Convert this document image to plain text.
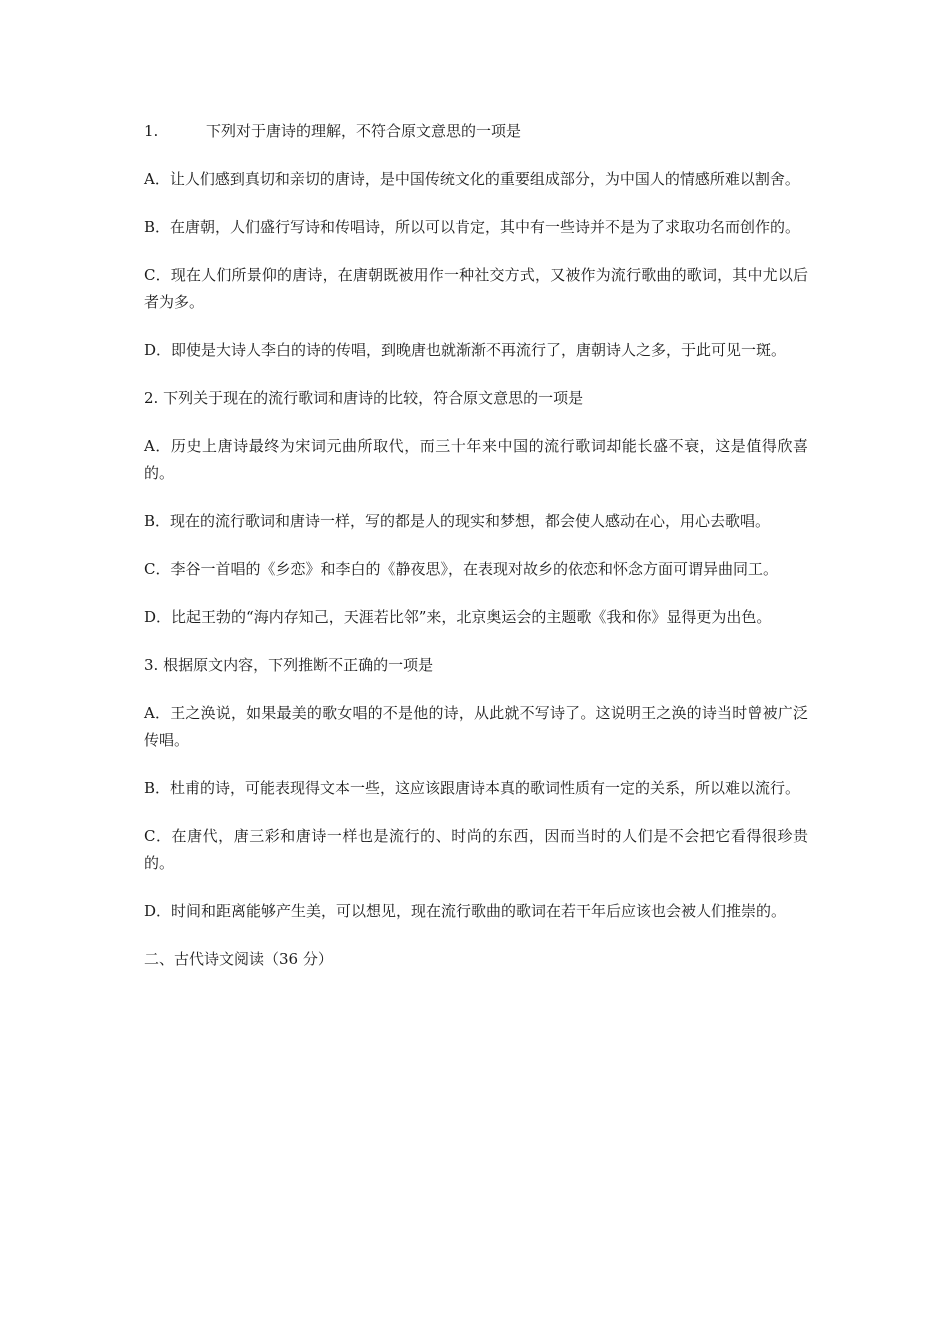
1.	下列对于唐诗的理解，不符合原文意思的一项是

A．让人们感到真切和亲切的唐诗，是中国传统文化的重要组成部分，为中国人的情感所难以割舍。

B．在唐朝，人们盛行写诗和传唱诗，所以可以肯定，其中有一些诗并不是为了求取功名而创作的。

C．现在人们所景仰的唐诗，在唐朝既被用作一种社交方式，又被作为流行歌曲的歌词，其中尤以后者为多。

D．即使是大诗人李白的诗的传唱，到晚唐也就渐渐不再流行了，唐朝诗人之多，于此可见一斑。

2. 下列关于现在的流行歌词和唐诗的比较，符合原文意思的一项是

A．历史上唐诗最终为宋词元曲所取代，而三十年来中国的流行歌词却能长盛不衰，这是值得欣喜的。

B．现在的流行歌词和唐诗一样，写的都是人的现实和梦想，都会使人感动在心，用心去歌唱。

C．李谷一首唱的《乡恋》和李白的《静夜思》，在表现对故乡的依恋和怀念方面可谓异曲同工。

D．比起王勃的“海内存知己，天涯若比邻”来，北京奥运会的主题歌《我和你》显得更为出色。

3. 根据原文内容，下列推断不正确的一项是

A．王之涣说，如果最美的歌女唱的不是他的诗，从此就不写诗了。这说明王之涣的诗当时曾被广泛传唱。

B．杜甫的诗，可能表现得文本一些，这应该跟唐诗本真的歌词性质有一定的关系，所以难以流行。

C．在唐代，唐三彩和唐诗一样也是流行的、时尚的东西，因而当时的人们是不会把它看得很珍贵的。

D．时间和距离能够产生美，可以想见，现在流行歌曲的歌词在若干年后应该也会被人们推崇的。

二、古代诗文阅读（36 分）
